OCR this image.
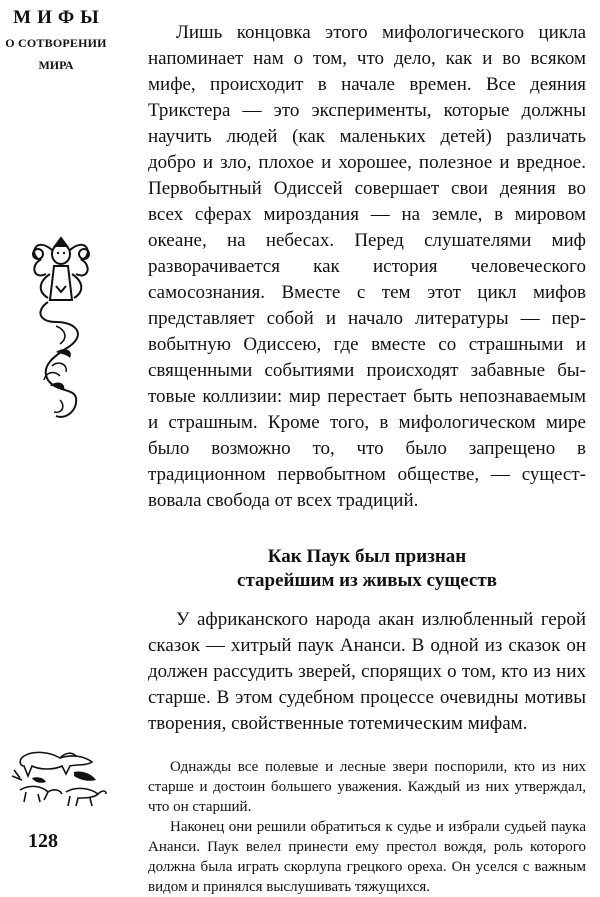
МИФЫ
О СОТВОРЕНИИ
МИРА
128

Лишь концовка этого мифологического цикла напоминает нам о том, что дело, как и во всяком мифе, происходит в начале времен. Все деяния Трикстера — это эксперименты, которые должны научить людей (как маленьких детей) различать добро и зло, плохое и хорошее, полезное и вредное. Первобытный Одиссей совершает свои деяния во всех сферах мироздания — на земле, в мировом океане, на небесах. Перед слушателями миф разворачивается как история человеческого самосознания. Вместе с тем этот цикл мифов представляет собой и начало литературы — первобытную Одиссею, где вместе со страшными и священными событиями происходят забавные бытовые коллизии: мир перестает быть непознаваемым и страшным. Кроме того, в мифологическом мире было возможно то, что было запрещено в традиционном первобытном обществе, — существовала свобода от всех традиций.

Как Паук был признан
старейшим из живых существ

У африканского народа акан излюбленный герой сказок — хитрый паук Ананси. В одной из сказок он должен рассудить зверей, спорящих о том, кто из них старше. В этом судебном процессе очевидны мотивы творения, свойственные тотемическим мифам.

Однажды все полевые и лесные звери поспорили, кто из них старше и достоин большего уважения. Каждый из них утверждал, что он старший.

Наконец они решили обратиться к судье и избрали судьей паука Ананси. Паук велел принести ему престол вождя, роль которого должна была играть скорлупа грецкого ореха. Он уселся с важным видом и принялся выслушивать тяжущихся.
